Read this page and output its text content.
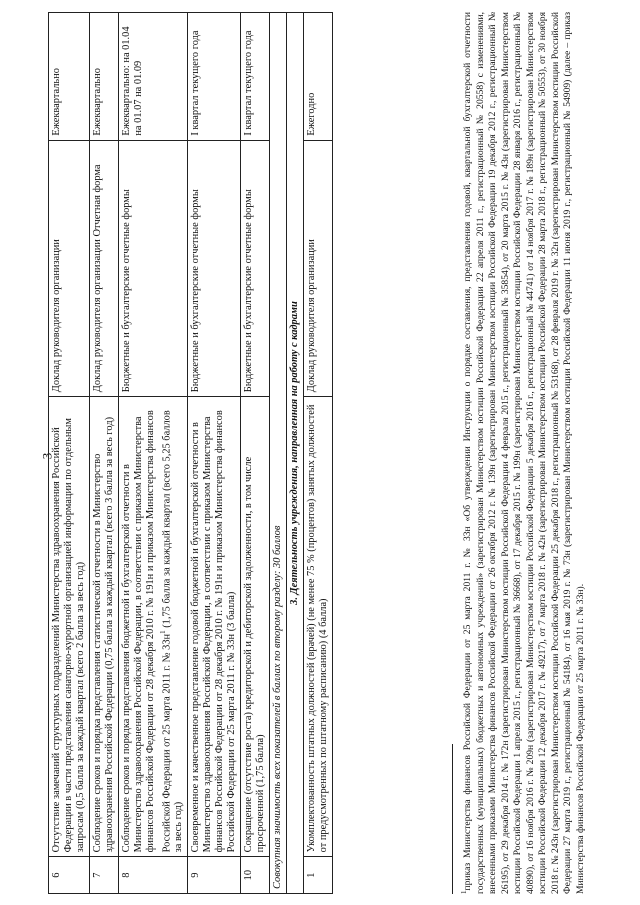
3
6	Отсутствие замечаний структурных подразделений Министерства здравоохранения Российской Федерации в части представления санаторно-курортной организацией информации по отдельным запросам (0,5 балла за каждый квартал (всего 2 балла за весь год)	Доклад руководителя организации	Ежеквартально
7	Соблюдение сроков и порядка представления статистической отчетности в Министерство здравоохранения Российской Федерации (0,75 балла за каждый квартал (всего 3 балла за весь год)	Доклад руководителя организации Отчетная форма	Ежеквартально
8	Соблюдение сроков и порядка представления бюджетной и бухгалтерской отчетности в Министерство здравоохранения Российской Федерации, в соответствии с приказом Министерства финансов Российской Федерации от 28 декабря 2010 г. № 191н и приказом Министерства финансов Российской Федерации от 25 марта 2011 г. № $33н^1$ (1,75 балла за каждый квартал (всего 5,25 баллов за весь год)	Бюджетные и бухгалтерские отчетные формы	Ежеквартально: на 01.04 на 01.07 на 01.09
9	Своевременное и качественное представление годовой бюджетной и бухгалтерской отчетности в Министерство здравоохранения Российской Федерации, в соответствии с приказом Министерства финансов Российской Федерации от 28 декабря 2010 г. № 191н и приказом Министерства финансов Российской Федерации от 25 марта 2011 г. № 33н (3 балла)	Бюджетные и бухгалтерские отчетные формы	I квартал текущего года
10	Сокращение (отсутствие роста) кредиторской и дебиторской задолженности, в том числе просроченной (1,75 балла)	Бюджетные и бухгалтерские отчетные формы	I квартал текущего года
Совокупная значимость всех показателей в баллах по второму разделу: 30 баллов			
3. Деятельность учреждения, направленная на работу с кадрами			
1	Укомплектованность штатных должностей (врачей) (не менее 75 % (процентов) занятых должностей от предусмотренных по штатному расписанию) (4 балла)	Доклад руководителя организации	Ежегодно
$^1$приказ Министерства финансов Российской Федерации от 25 марта 2011 г. № 33н «Об утверждении Инструкции о порядке составления, представления годовой, квартальной бухгалтерской отчетности государственных (муниципальных) бюджетных и автономных учреждений» (зарегистрирован Министерством юстиции Российской Федерации 22 апреля 2011 г., регистрационный № 20558) с изменениями, внесенными приказами Министерства финансов Российской Федерации от 26 октября 2012 г. № 139н (зарегистрирован Министерством юстиции Российской Федерации 19 декабря 2012 г., регистрационный № 26195), от 29 декабря 2014 г. № 172н (зарегистрирован Министерством юстиции Российской Федерации 4 февраля 2015 г., регистрационный № 35854), от 20 марта 2015 г. № 43н (зарегистрирован Министерством юстиции Российской Федерации 1 апреля 2015 г., регистрационный № 36668), от 17 декабря 2015 г. № 199н (зарегистрирован Министерством юстиции Российской Федерации 28 января 2016 г., регистрационный № 40890), от 16 ноября 2016 г. № 209н (зарегистрирован Министерством юстиции Российской Федерации 5 декабря 2016 г., регистрационный № 44741) от 14 ноября 2017 г. № 189н (зарегистрирован Министерством юстиции Российской Федерации 12 декабря 2017 г. № 49217), от 7 марта 2018 г. № 42н (зарегистрирован Министерством юстиции Российской Федерации 28 марта 2018 г., регистрационный № 50553), от 30 ноября 2018 г. № 243н (зарегистрирован Министерством юстиции Российской Федерации 25 декабря 2018 г., регистрационный № 53168), от 28 февраля 2019 г. № 32н (зарегистрирован Министерством юстиции Российской Федерации 27 марта 2019 г., регистрационный № 54184), от 16 мая 2019 г. № 73н (зарегистрирован Министерством юстиции Российской Федерации 11 июня 2019 г., регистрационный № 54909) (далее – приказ Министерства финансов Российской Федерации от 25 марта 2011 г. № 33н).
